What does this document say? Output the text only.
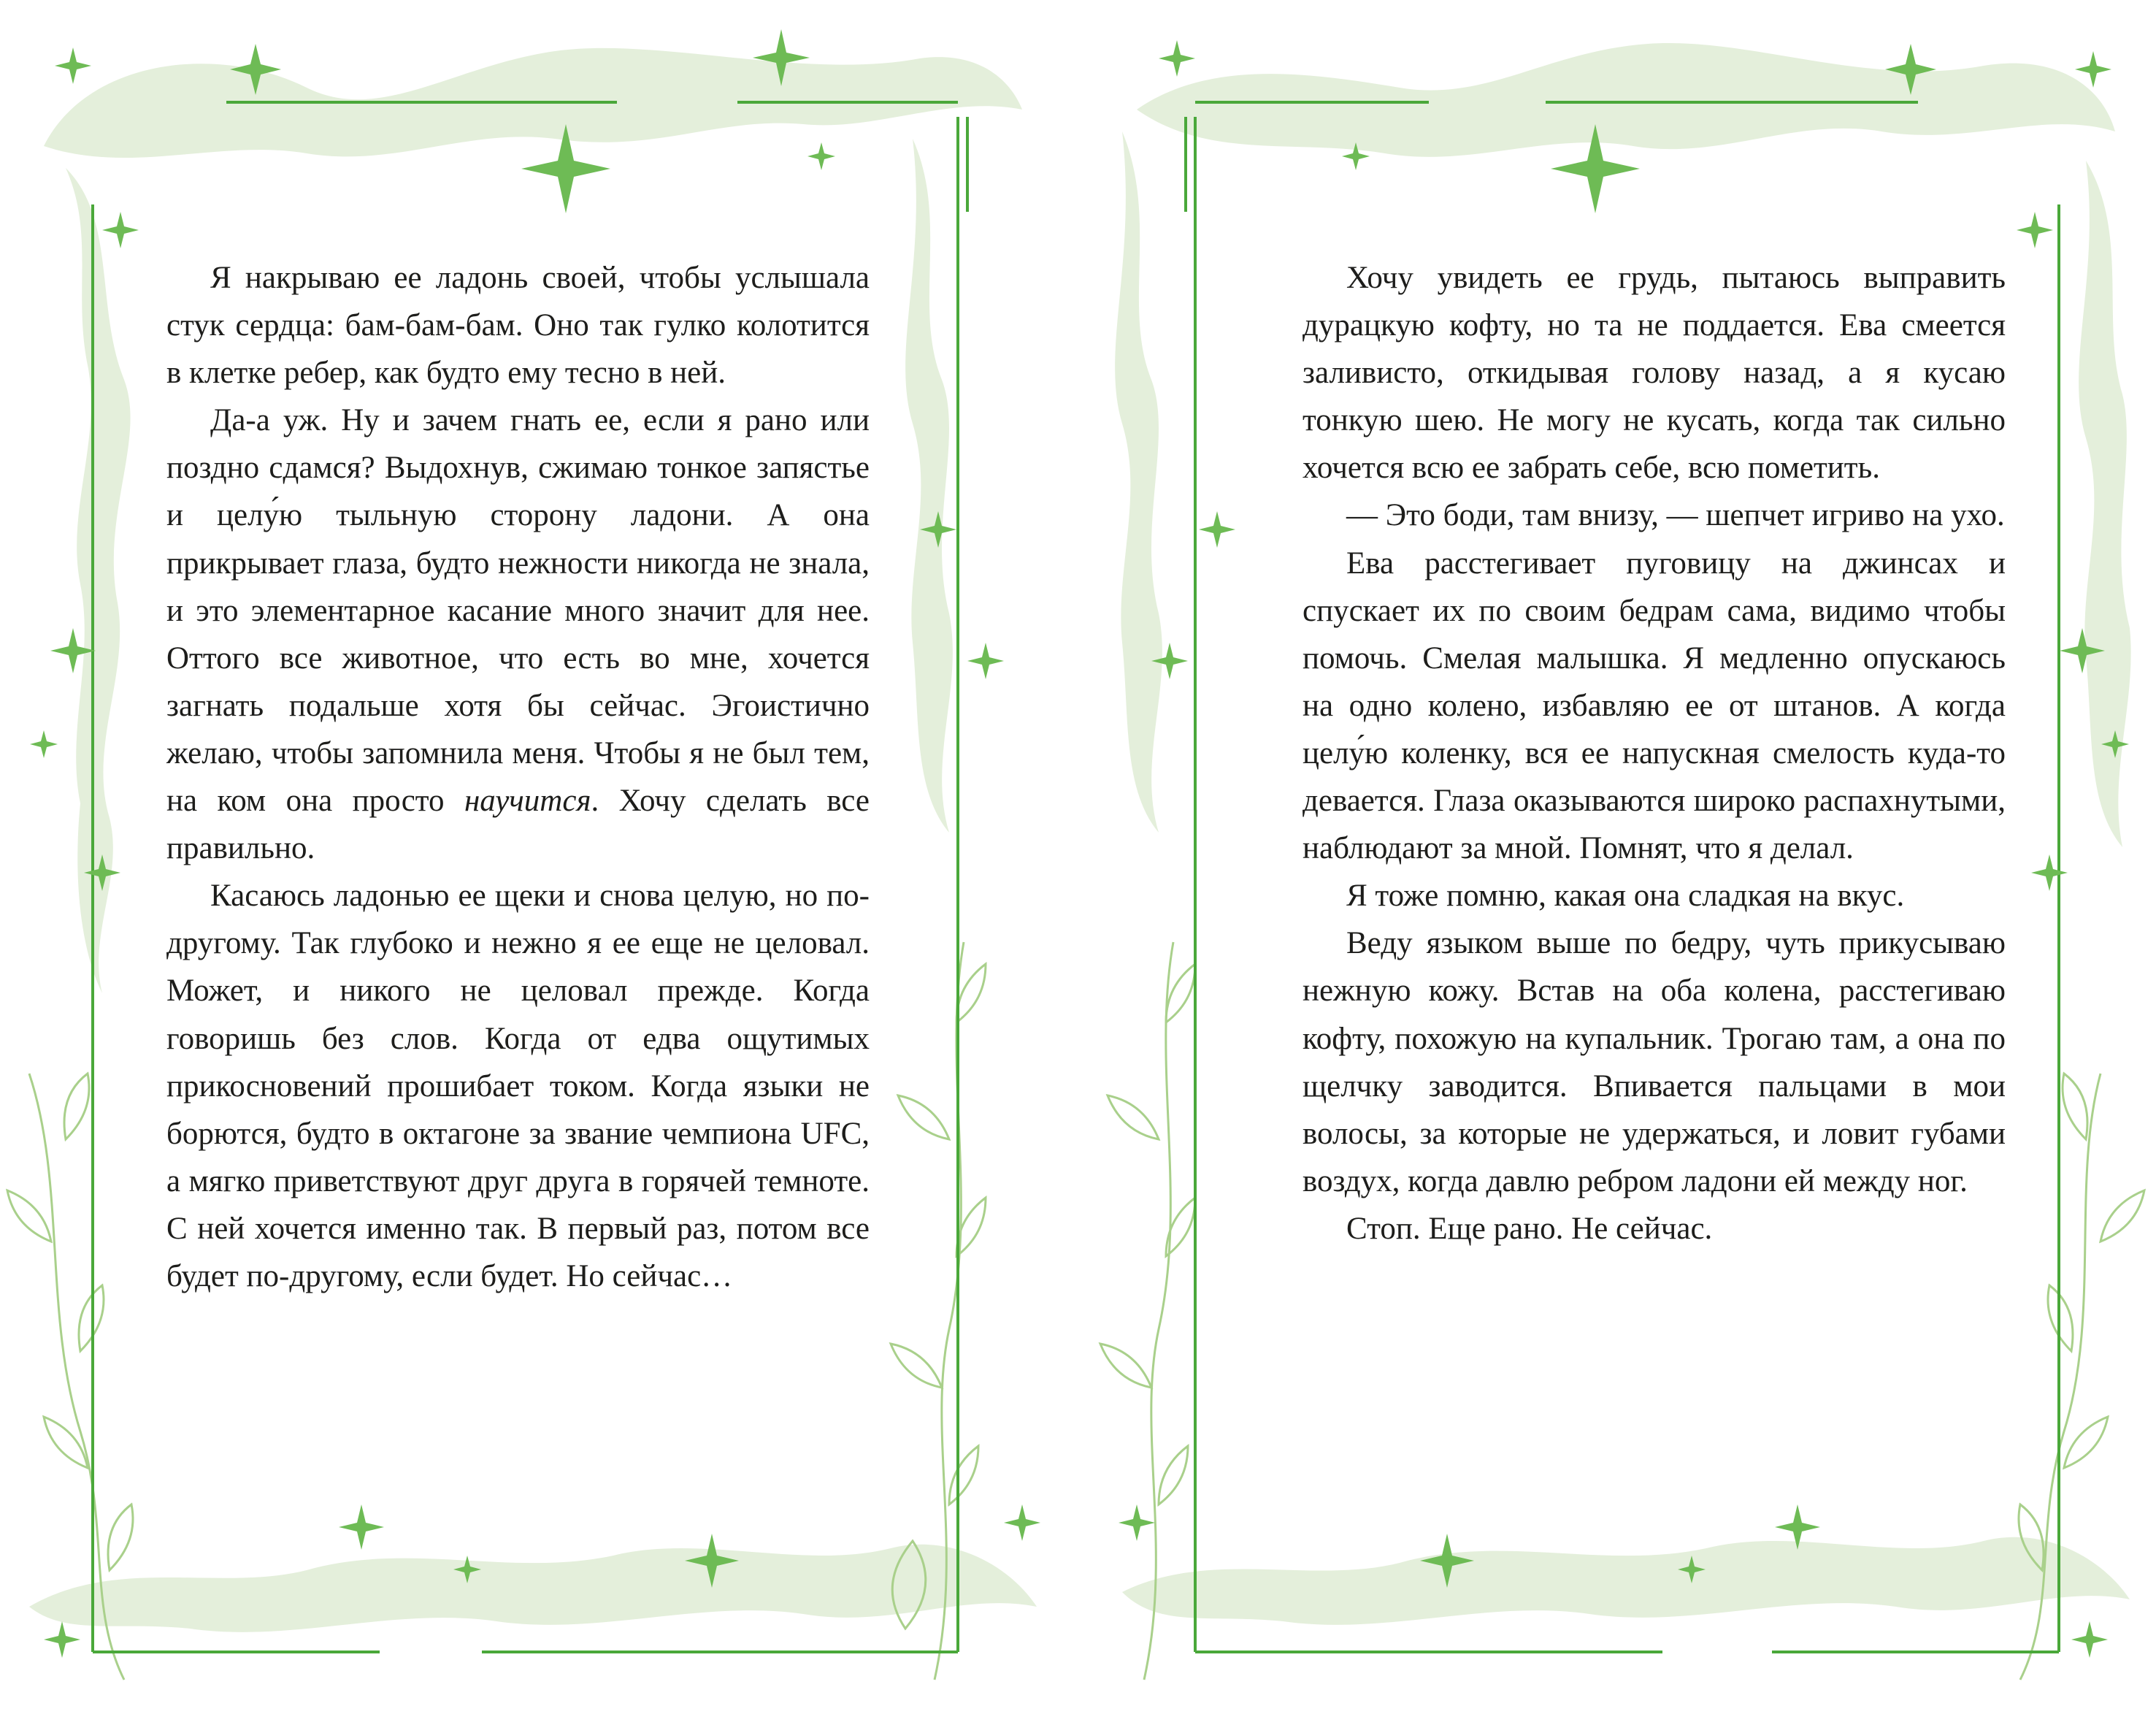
Я накрываю ее ладонь своей, чтобы услышала стук сердца: бам-бам-бам. Оно так гулко колотится в клетке ребер, как будто ему тесно в ней.

Да-а уж. Ну и зачем гнать ее, если я рано или поздно сдамся? Выдохнув, сжимаю тонкое запястье и целу́ю тыльную сторону ладони. А она прикрывает глаза, будто нежности никогда не знала, и это элементарное касание много значит для нее. Оттого все животное, что есть во мне, хочется загнать подальше хотя бы сейчас. Эгоистично желаю, чтобы запомнила меня. Чтобы я не был тем, на ком она просто научится. Хочу сделать все правильно.

Касаюсь ладонью ее щеки и снова целую, но по-другому. Так глубоко и нежно я ее еще не целовал. Может, и никого не целовал прежде. Когда говоришь без слов. Когда от едва ощутимых прикосновений прошибает током. Когда языки не борются, будто в октагоне за звание чемпиона UFC, а мягко приветствуют друг друга в горячей темноте. С ней хочется именно так. В первый раз, потом все будет по-другому, если будет. Но сейчас…

Хочу увидеть ее грудь, пытаюсь выправить дурацкую кофту, но та не поддается. Ева смеется заливисто, откидывая голову назад, а я кусаю тонкую шею. Не могу не кусать, когда так сильно хочется всю ее забрать себе, всю пометить.

— Это боди, там внизу, — шепчет игриво на ухо.

Ева расстегивает пуговицу на джинсах и спускает их по своим бедрам сама, видимо чтобы помочь. Смелая малышка. Я медленно опускаюсь на одно колено, избавляю ее от штанов. А когда целу́ю коленку, вся ее напускная смелость куда-то девается. Глаза оказываются широко распахнутыми, наблюдают за мной. Помнят, что я делал.

Я тоже помню, какая она сладкая на вкус.

Веду языком выше по бедру, чуть прикусываю нежную кожу. Встав на оба колена, расстегиваю кофту, похожую на купальник. Трогаю там, а она по щелчку заводится. Впивается пальцами в мои волосы, за которые не удержаться, и ловит губами воздух, когда давлю ребром ладони ей между ног.

Стоп. Еще рано. Не сейчас.
